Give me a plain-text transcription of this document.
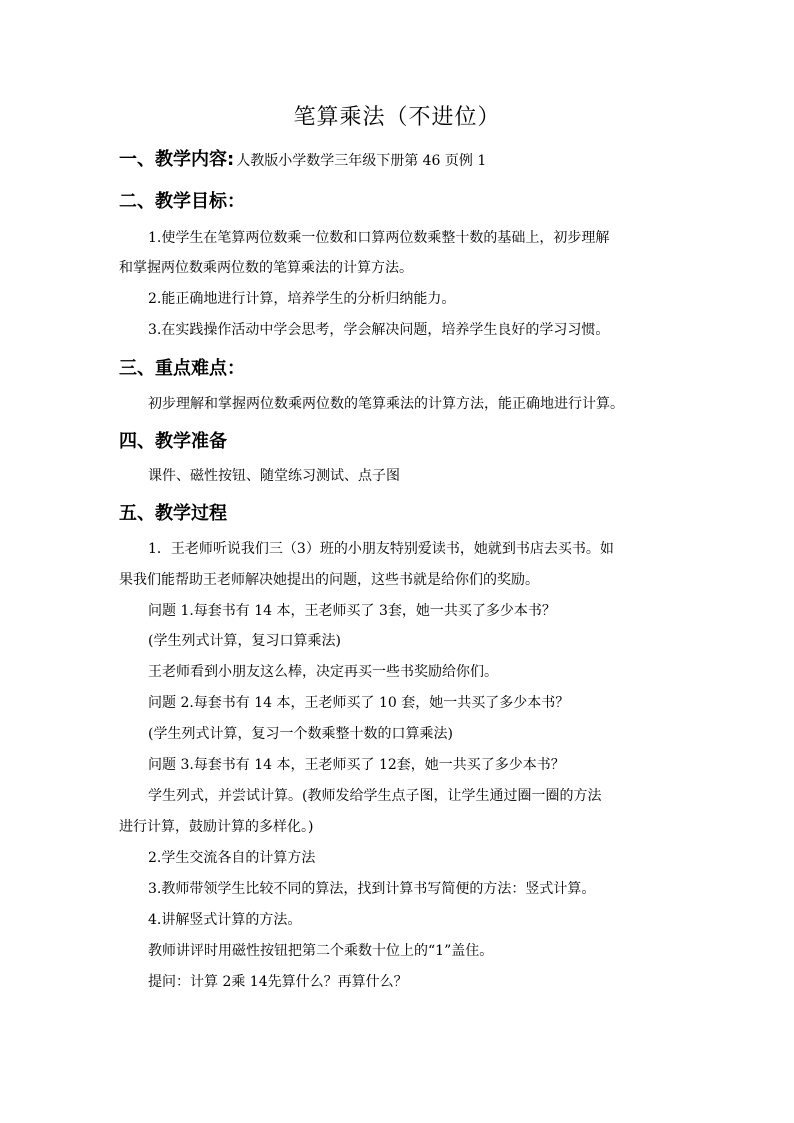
笔算乘法（不进位）
一、教学内容: 人教版小学数学三年级下册第 46 页例 1
二、教学目标：
1.使学生在笔算两位数乘一位数和口算两位数乘整十数的基础上，初步理解
和掌握两位数乘两位数的笔算乘法的计算方法。
2.能正确地进行计算，培养学生的分析归纳能力。
3.在实践操作活动中学会思考，学会解决问题，培养学生良好的学习习惯。
三、重点难点：
初步理解和掌握两位数乘两位数的笔算乘法的计算方法，能正确地进行计算。
四、教学准备
课件、磁性按钮、随堂练习测试、点子图
五、教学过程
1．王老师听说我们三（3）班的小朋友特别爱读书，她就到书店去买书。如
果我们能帮助王老师解决她提出的问题，这些书就是给你们的奖励。
问题 1.每套书有 14 本，王老师买了 3套，她一共买了多少本书？
(学生列式计算，复习口算乘法)
王老师看到小朋友这么棒，决定再买一些书奖励给你们。
问题 2.每套书有 14 本，王老师买了 10 套，她一共买了多少本书？
(学生列式计算，复习一个数乘整十数的口算乘法)
问题 3.每套书有 14 本，王老师买了 12套，她一共买了多少本书？
学生列式，并尝试计算。(教师发给学生点子图，让学生通过圈一圈的方法
进行计算，鼓励计算的多样化。)
2.学生交流各自的计算方法
3.教师带领学生比较不同的算法，找到计算书写简便的方法：竖式计算。
4.讲解竖式计算的方法。
教师讲评时用磁性按钮把第二个乘数十位上的“1”盖住。
提问：计算 2乘 14先算什么？再算什么？
